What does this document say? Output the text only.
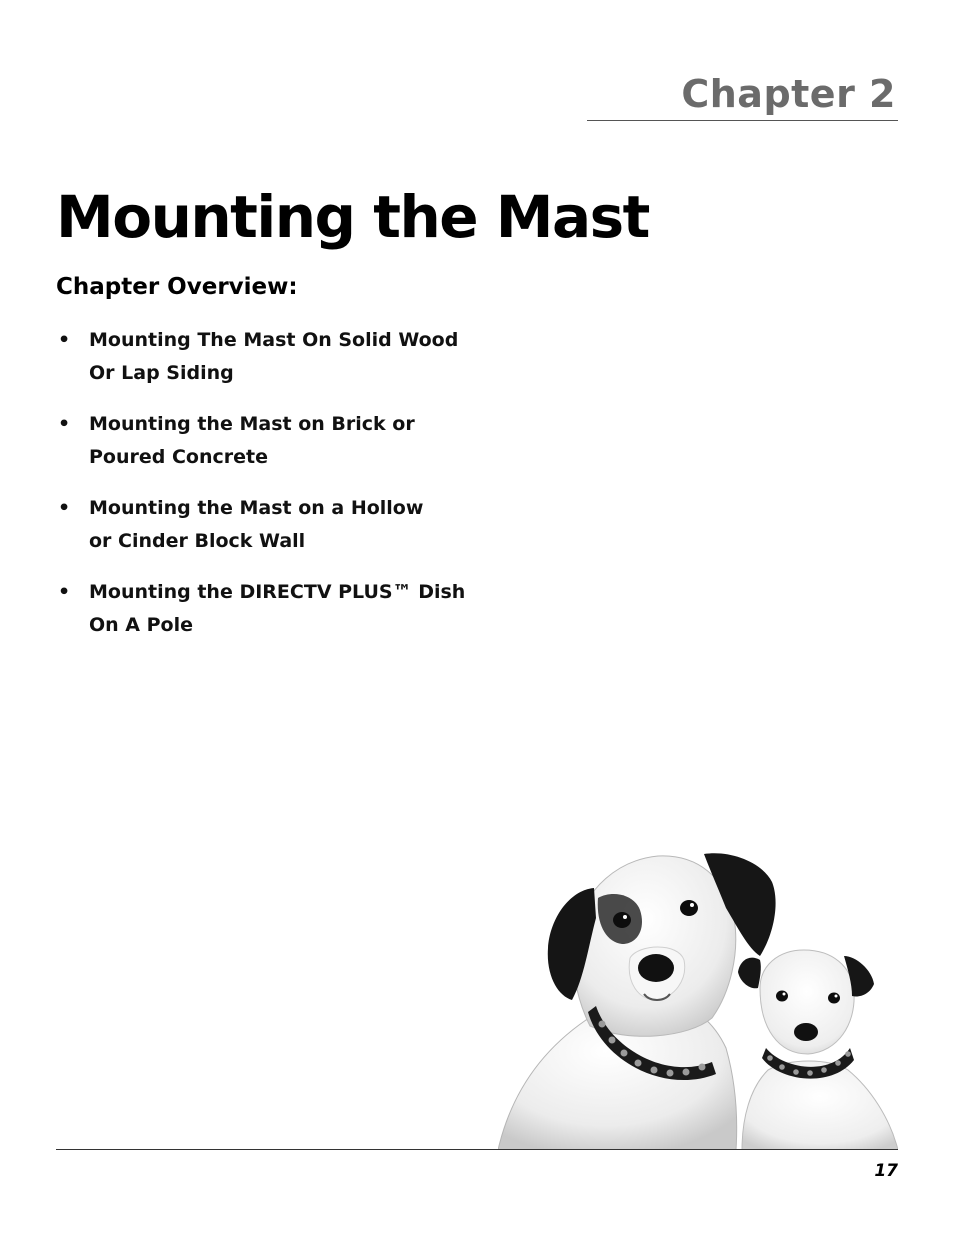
Chapter 2
Mounting the Mast
Chapter Overview:
• Mounting The Mast On Solid Wood
Or Lap Siding
• Mounting the Mast on Brick or
Poured Concrete
• Mounting the Mast on a Hollow
or Cinder Block Wall
• Mounting the DIRECTV PLUS™ Dish
On A Pole

17
